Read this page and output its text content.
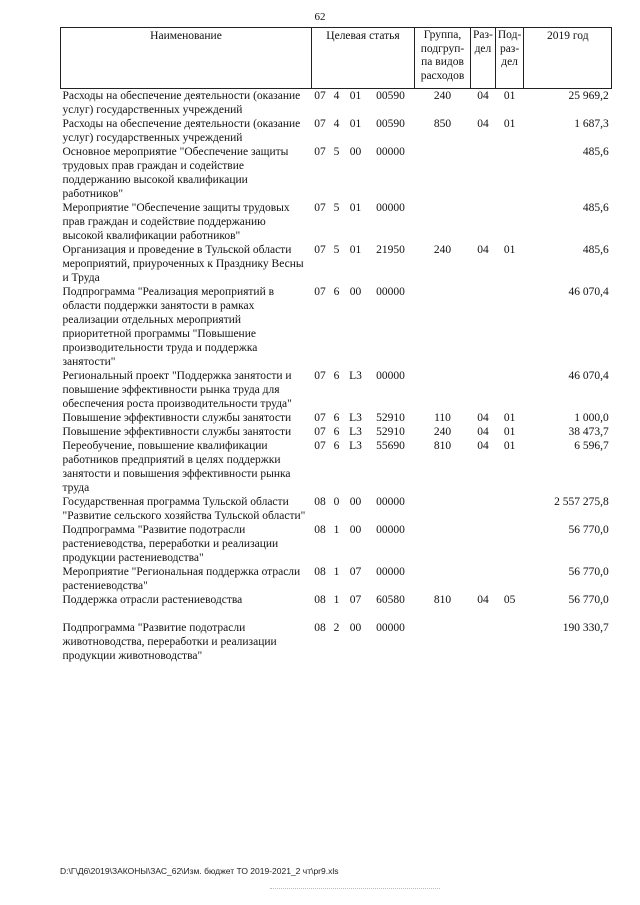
62
Наименование	Целевая статья				Группа, подгруп-па видов расходов	Раз-дел	Под-раз-дел	2019 год
Расходы на обеспечение деятельности (оказание услуг) государственных учреждений	07	4	01	00590	240	04	01	25 969,2
Расходы на обеспечение деятельности (оказание услуг) государственных учреждений	07	4	01	00590	850	04	01	1 687,3
Основное мероприятие "Обеспечение защиты трудовых прав граждан и содействие поддержанию высокой квалификации работников"	07	5	00	00000				485,6
Мероприятие "Обеспечение защиты трудовых прав граждан и содействие поддержанию высокой квалификации работников"	07	5	01	00000				485,6
Организация и проведение в Тульской области мероприятий, приуроченных к Празднику Весны и Труда	07	5	01	21950	240	04	01	485,6
Подпрограмма "Реализация мероприятий в области поддержки занятости в рамках реализации отдельных мероприятий приоритетной программы "Повышение производительности труда и поддержка занятости"	07	6	00	00000				46 070,4
Региональный проект "Поддержка занятости и повышение эффективности рынка труда для обеспечения роста производительности труда"	07	6	L3	00000				46 070,4
Повышение эффективности службы занятости	07	6	L3	52910	110	04	01	1 000,0
Повышение эффективности службы занятости	07	6	L3	52910	240	04	01	38 473,7
Переобучение, повышение квалификации работников предприятий в целях поддержки занятости и повышения эффективности рынка труда	07	6	L3	55690	810	04	01	6 596,7
Государственная программа Тульской области "Развитие сельского хозяйства Тульской области"	08	0	00	00000				2 557 275,8
Подпрограмма "Развитие подотрасли растениеводства, переработки и реализации продукции растениеводства"	08	1	00	00000				56 770,0
Мероприятие "Региональная поддержка отрасли растениеводства"	08	1	07	00000				56 770,0
Поддержка отрасли растениеводства	08	1	07	60580	810	04	05	56 770,0
Подпрограмма "Развитие подотрасли животноводства, переработки и реализации продукции животноводства"	08	2	00	00000				190 330,7
D:\Г\Д6\2019\ЗАКОНЫ\ЗАС_62\Изм. бюджет ТО 2019-2021_2 чт\pr9.xls
